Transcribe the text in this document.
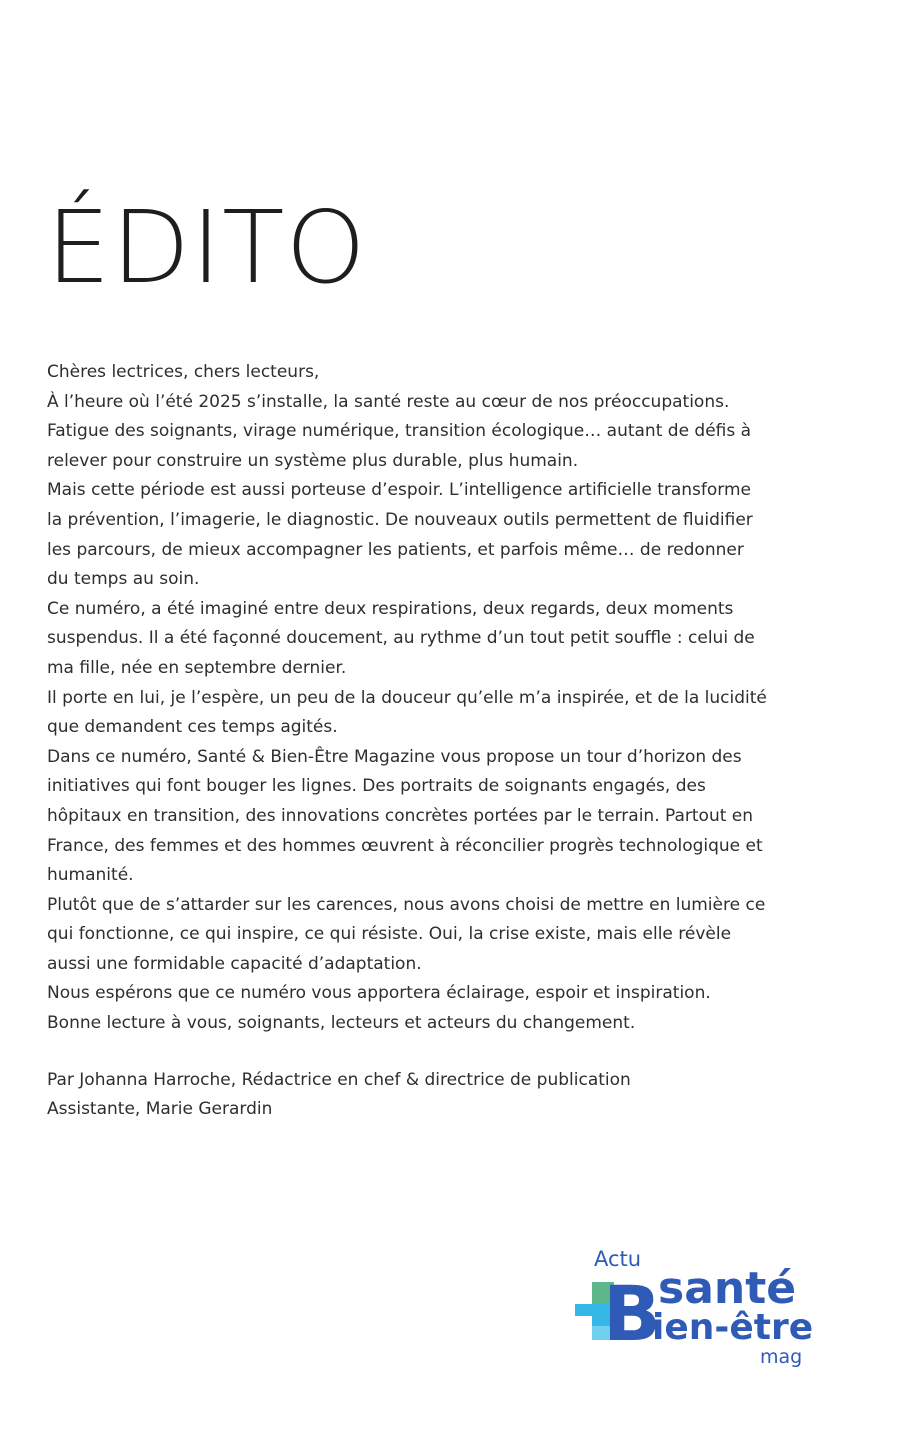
ÉDITO

Chères lectrices, chers lecteurs,

À l’heure où l’été 2025 s’installe, la santé reste au cœur de nos préoccupations. Fatigue des soignants, virage numérique, transition écologique… autant de défis à relever pour construire un système plus durable, plus humain.

Mais cette période est aussi porteuse d’espoir. L’intelligence artificielle transforme la prévention, l’imagerie, le diagnostic. De nouveaux outils permettent de fluidifier les parcours, de mieux accompagner les patients, et parfois même… de redonner du temps au soin.

Ce numéro, a été imaginé entre deux respirations, deux regards, deux moments suspendus. Il a été façonné doucement, au rythme d’un tout petit souffle : celui de ma fille, née en septembre dernier.

Il porte en lui, je l’espère, un peu de la douceur qu’elle m’a inspirée, et de la lucidité que demandent ces temps agités.

Dans ce numéro, Santé & Bien-Être Magazine vous propose un tour d’horizon des initiatives qui font bouger les lignes. Des portraits de soignants engagés, des hôpitaux en transition, des innovations concrètes portées par le terrain. Partout en France, des femmes et des hommes œuvrent à réconcilier progrès technologique et humanité.

Plutôt que de s’attarder sur les carences, nous avons choisi de mettre en lumière ce qui fonctionne, ce qui inspire, ce qui résiste. Oui, la crise existe, mais elle révèle aussi une formidable capacité d’adaptation.

Nous espérons que ce numéro vous apportera éclairage, espoir et inspiration.

Bonne lecture à vous, soignants, lecteurs et acteurs du changement.

Par Johanna Harroche, Rédactrice en chef & directrice de publication

Assistante, Marie Gerardin

Actu
B
santé
ien-être
mag
